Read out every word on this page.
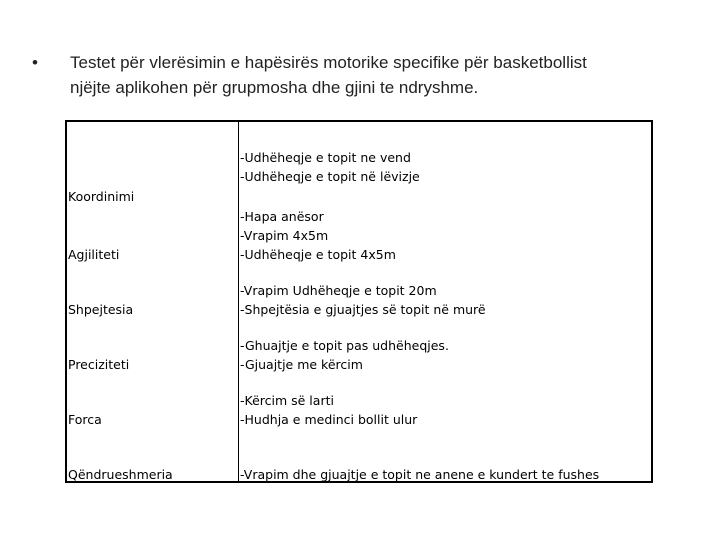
• Testet për vlerësimin e hapësirës motorike specifike për basketbollist
njëjte aplikohen për grupmosha dhe gjini te ndryshme.
Koordinimi
-Udhëheqje e topit ne vend
-Udhëheqje e topit në lëvizje
Agjiliteti
-Hapa anësor
-Vrapim 4x5m
-Udhëheqje e topit 4x5m
Shpejtesia
-Vrapim Udhëheqje e topit 20m
-Shpejtësia e gjuajtjes së topit në murë
Preciziteti
-Ghuajtje e topit pas udhëheqjes.
-Gjuajtje me kërcim
Forca
-Kërcim së larti
-Hudhja e medinci bollit ulur
Qëndrueshmeria	-Vrapim dhe gjuajtje e topit ne anene e kundert te fushes
